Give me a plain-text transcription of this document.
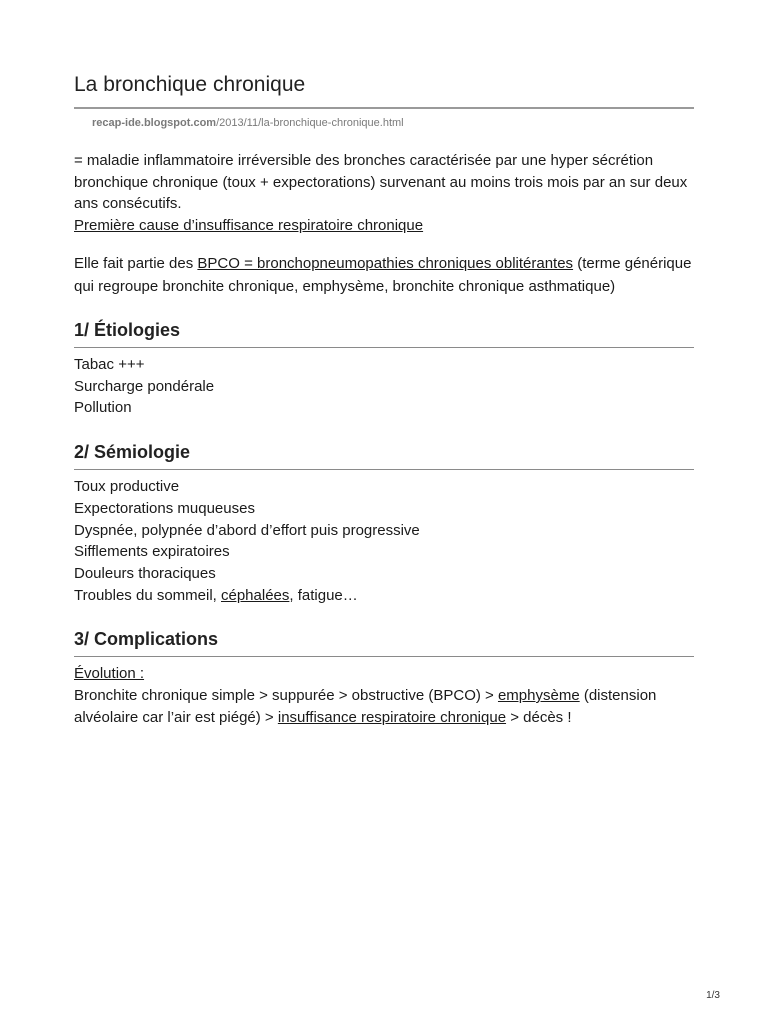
La bronchique chronique
recap-ide.blogspot.com/2013/11/la-bronchique-chronique.html

= maladie inflammatoire irréversible des bronches caractérisée par une hyper sécrétion bronchique chronique (toux + expectorations) survenant au moins trois mois par an sur deux ans consécutifs.
Première cause d’insuffisance respiratoire chronique

Elle fait partie des BPCO = bronchopneumopathies chroniques oblitérantes (terme générique qui regroupe bronchite chronique, emphysème, bronchite chronique asthmatique)

1/ Étiologies
Tabac +++
Surcharge pondérale
Pollution
2/ Sémiologie
Toux productive
Expectorations muqueuses
Dyspnée, polypnée d’abord d’effort puis progressive
Sifflements expiratoires
Douleurs thoraciques
Troubles du sommeil, céphalées, fatigue…
3/ Complications
Évolution :
Bronchite chronique simple > suppurée > obstructive (BPCO) > emphysème (distension alvéolaire car l’air est piégé) > insuffisance respiratoire chronique > décès !
1/3
